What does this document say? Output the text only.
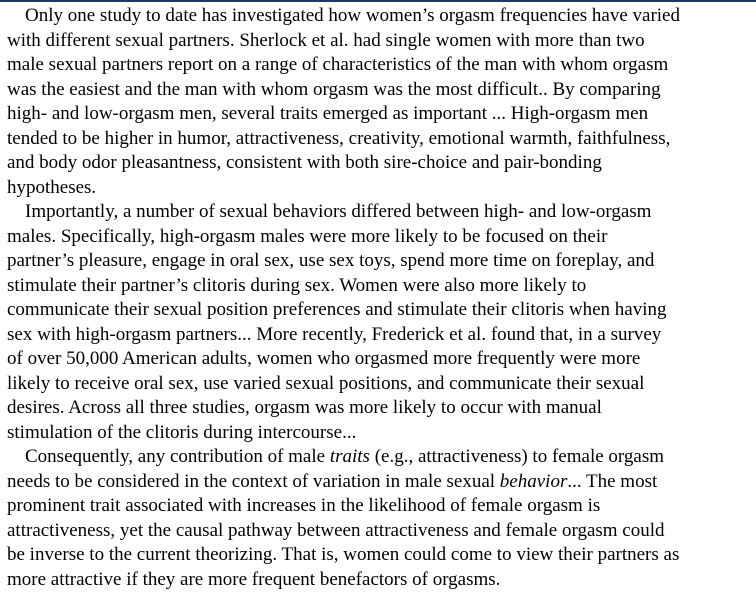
Only one study to date has investigated how women’s orgasm frequencies have varied
with different sexual partners. Sherlock et al. had single women with more than two
male sexual partners report on a range of characteristics of the man with whom orgasm
was the easiest and the man with whom orgasm was the most difficult.. By comparing
high- and low-orgasm men, several traits emerged as important ... High-orgasm men
tended to be higher in humor, attractiveness, creativity, emotional warmth, faithfulness,
and body odor pleasantness, consistent with both sire-choice and pair-bonding
hypotheses.

Importantly, a number of sexual behaviors differed between high- and low-orgasm
males. Specifically, high-orgasm males were more likely to be focused on their
partner’s pleasure, engage in oral sex, use sex toys, spend more time on foreplay, and
stimulate their partner’s clitoris during sex. Women were also more likely to
communicate their sexual position preferences and stimulate their clitoris when having
sex with high-orgasm partners... More recently, Frederick et al. found that, in a survey
of over 50,000 American adults, women who orgasmed more frequently were more
likely to receive oral sex, use varied sexual positions, and communicate their sexual
desires. Across all three studies, orgasm was more likely to occur with manual
stimulation of the clitoris during intercourse...

Consequently, any contribution of male traits (e.g., attractiveness) to female orgasm
needs to be considered in the context of variation in male sexual behavior... The most
prominent trait associated with increases in the likelihood of female orgasm is
attractiveness, yet the causal pathway between attractiveness and female orgasm could
be inverse to the current theorizing. That is, women could come to view their partners as
more attractive if they are more frequent benefactors of orgasms.
